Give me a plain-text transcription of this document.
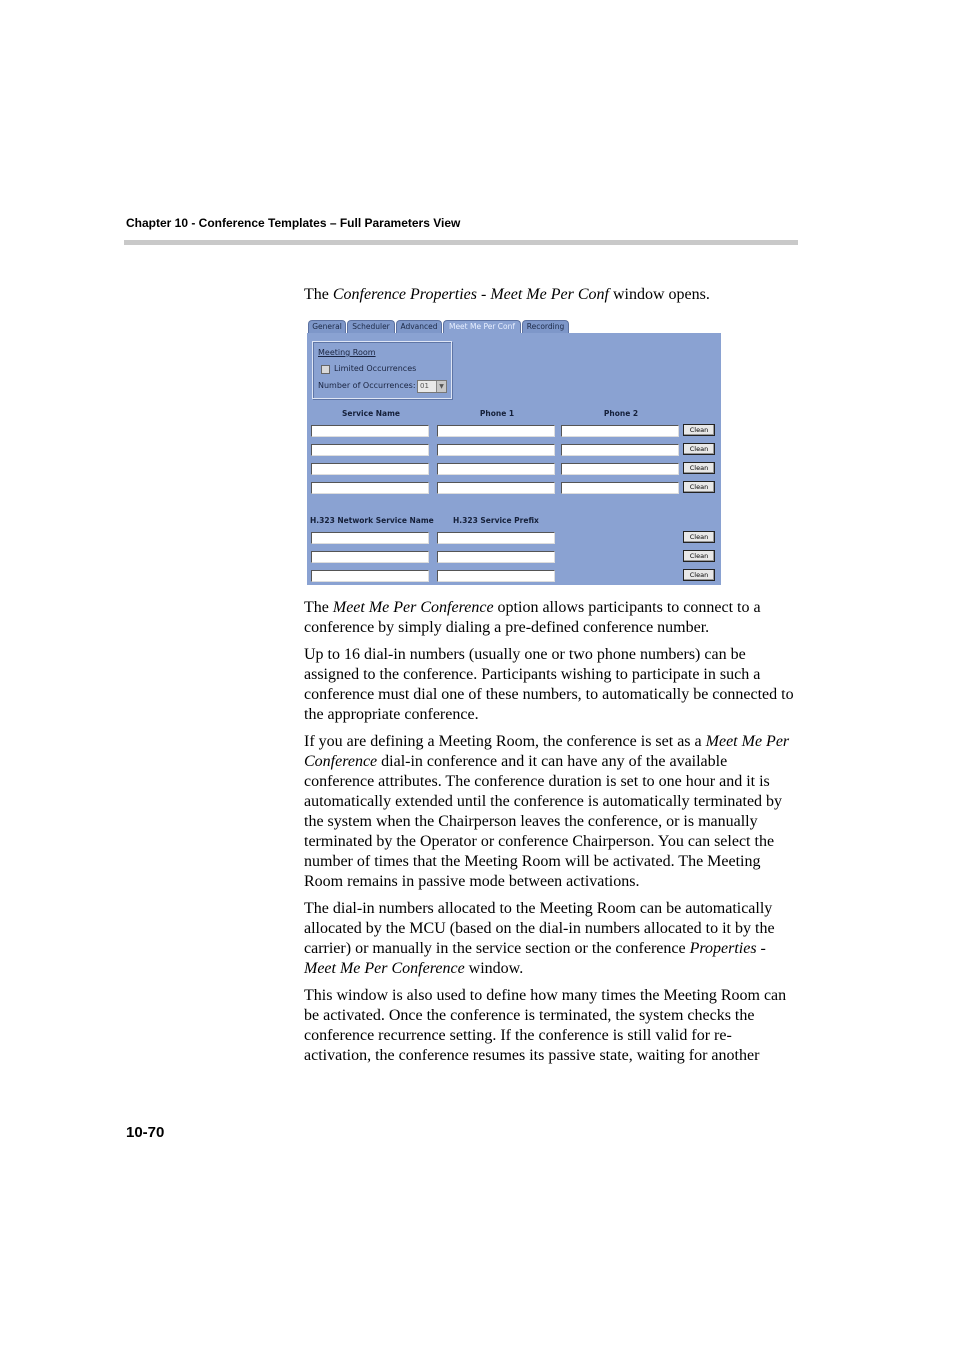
Chapter 10 - Conference Templates – Full Parameters View
The Conference Properties - Meet Me Per Conf window opens.
General	Scheduler	Advanced	Meet Me Per Conf	Recording
Meeting Room
Limited Occurrences
Number of Occurrences: 01	▼
Service Name	Phone 1	Phone 2
Clean
Clean
Clean
Clean
H.323 Network Service Name	H.323 Service Prefix
Clean
Clean
Clean

The Meet Me Per Conference option allows participants to connect to a conference by simply dialing a pre-defined conference number.

Up to 16 dial-in numbers (usually one or two phone numbers) can be assigned to the conference. Participants wishing to participate in such a conference must dial one of these numbers, to automatically be connected to the appropriate conference.

If you are defining a Meeting Room, the conference is set as a Meet Me Per Conference dial-in conference and it can have any of the available conference attributes. The conference duration is set to one hour and it is automatically extended until the conference is automatically terminated by the system when the Chairperson leaves the conference, or is manually terminated by the Operator or conference Chairperson. You can select the number of times that the Meeting Room will be activated. The Meeting Room remains in passive mode between activations.

The dial-in numbers allocated to the Meeting Room can be automatically allocated by the MCU (based on the dial-in numbers allocated to it by the carrier) or manually in the service section or the conference Properties - Meet Me Per Conference window.

This window is also used to define how many times the Meeting Room can be activated. Once the conference is terminated, the system checks the conference recurrence setting. If the conference is still valid for re-activation, the conference resumes its passive state, waiting for another

10-70
